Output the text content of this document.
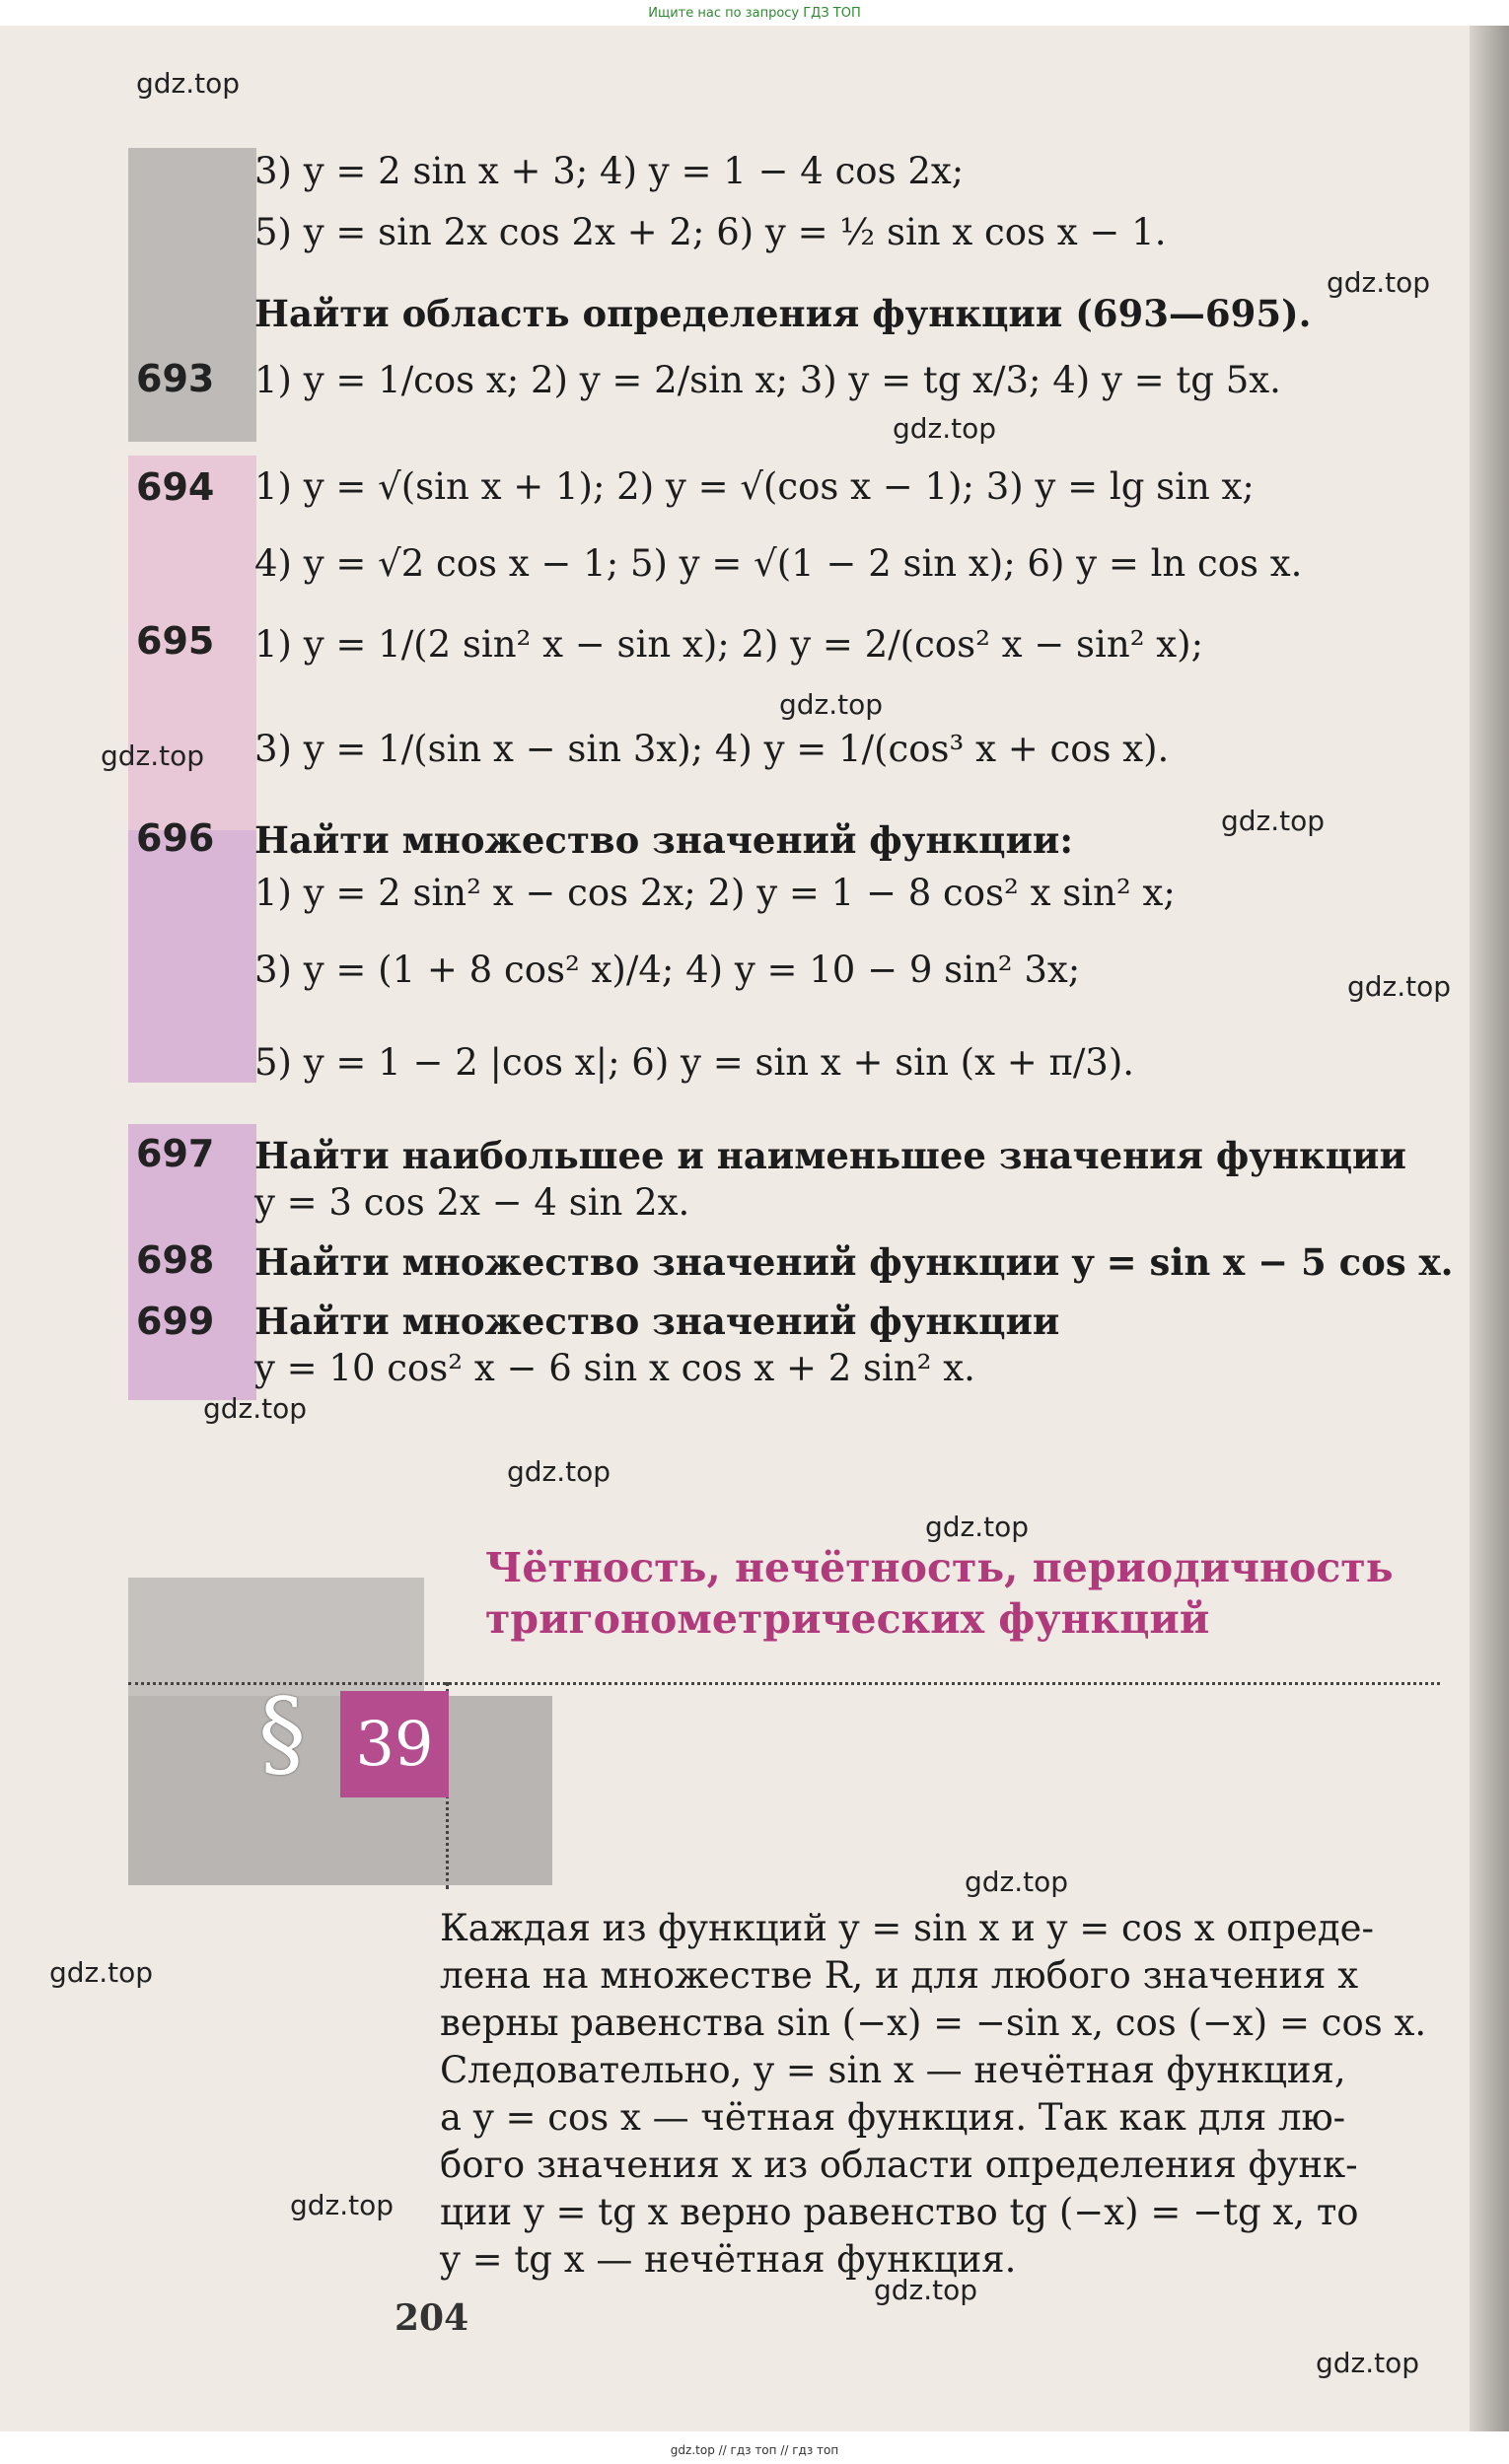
Ищите нас по запросу ГДЗ ТОП
693
694
695
696
697
698
699
3) y = 2 sin x + 3; 4) y = 1 − 4 cos 2x;
5) y = sin 2x cos 2x + 2; 6) y = ½ sin x cos x − 1.
Найти область определения функции (693—695).
1) y = 1/cos x; 2) y = 2/sin x; 3) y = tg x/3; 4) y = tg 5x.
1) y = √(sin x + 1); 2) y = √(cos x − 1); 3) y = lg sin x;
4) y = √2 cos x − 1; 5) y = √(1 − 2 sin x); 6) y = ln cos x.
1) y = 1/(2 sin² x − sin x); 2) y = 2/(cos² x − sin² x);
3) y = 1/(sin x − sin 3x); 4) y = 1/(cos³ x + cos x).
Найти множество значений функции:
1) y = 2 sin² x − cos 2x; 2) y = 1 − 8 cos² x sin² x;
3) y = (1 + 8 cos² x)/4; 4) y = 10 − 9 sin² 3x;
5) y = 1 − 2 |cos x|; 6) y = sin x + sin (x + π/3).
Найти наибольшее и наименьшее значения функции
y = 3 cos 2x − 4 sin 2x.
Найти множество значений функции y = sin x − 5 cos x.
Найти множество значений функции
y = 10 cos² x − 6 sin x cos x + 2 sin² x.
§ 39
Чётность, нечётность, периодичность
тригонометрических функций
Каждая из функций y = sin x и y = cos x опреде-
лена на множестве R, и для любого значения x
верны равенства sin (−x) = −sin x, cos (−x) = cos x.
Следовательно, y = sin x — нечётная функция,
а y = cos x — чётная функция. Так как для лю-
бого значения x из области определения функ-
ции y = tg x верно равенство tg (−x) = −tg x, то
y = tg x — нечётная функция.
204
gdz.top
gdz.top
gdz.top
gdz.top
gdz.top
gdz.top
gdz.top
gdz.top
gdz.top
gdz.top
gdz.top
gdz.top
gdz.top
gdz.top
gdz.top
gdz.top // гдз топ // гдз топ
